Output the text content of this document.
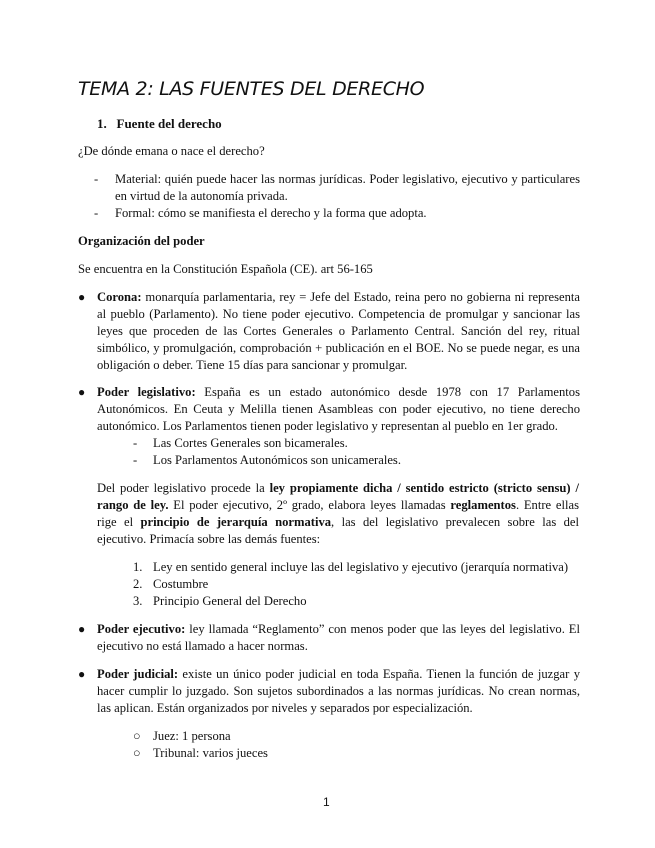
TEMA 2: LAS FUENTES DEL DERECHO
1. Fuente del derecho

¿De dónde emana o nace el derecho?

-	Material: quién puede hacer las normas jurídicas. Poder legislativo, ejecutivo y particulares en virtud de la autonomía privada.
-	Formal: cómo se manifiesta el derecho y la forma que adopta.

Organización del poder

Se encuentra en la Constitución Española (CE). art 56-165

● Corona: monarquía parlamentaria, rey = Jefe del Estado, reina pero no gobierna ni representa al pueblo (Parlamento). No tiene poder ejecutivo. Competencia de promulgar y sancionar las leyes que proceden de las Cortes Generales o Parlamento Central. Sanción del rey, ritual simbólico, y promulgación, comprobación + publicación en el BOE. No se puede negar, es una obligación o deber. Tiene 15 días para sancionar y promulgar.
● Poder legislativo: España es un estado autonómico desde 1978 con 17 Parlamentos Autonómicos. En Ceuta y Melilla tienen Asambleas con poder ejecutivo, no tiene derecho autonómico. Los Parlamentos tienen poder legislativo y representan al pueblo en 1er grado.
-	Las Cortes Generales son bicamerales.
-	Los Parlamentos Autonómicos son unicamerales.

Del poder legislativo procede la ley propiamente dicha / sentido estricto (stricto sensu) / rango de ley. El poder ejecutivo, 2º grado, elabora leyes llamadas reglamentos. Entre ellas rige el principio de jerarquía normativa, las del legislativo prevalecen sobre las del ejecutivo. Primacía sobre las demás fuentes:

1. Ley en sentido general incluye las del legislativo y ejecutivo (jerarquía normativa)
2. Costumbre
3. Principio General del Derecho
● Poder ejecutivo: ley llamada “Reglamento” con menos poder que las leyes del legislativo. El ejecutivo no está llamado a hacer normas.
● Poder judicial: existe un único poder judicial en toda España. Tienen la función de juzgar y hacer cumplir lo juzgado. Son sujetos subordinados a las normas jurídicas. No crean normas, las aplican. Están organizados por niveles y separados por especialización.
○ Juez: 1 persona
○ Tribunal: varios jueces
1
